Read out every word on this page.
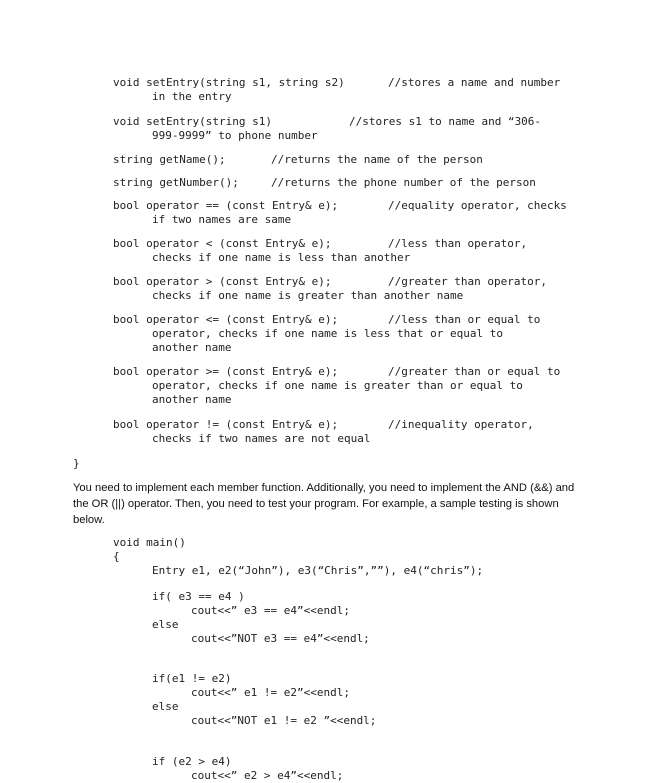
void setEntry(string s1, string s2)	//stores a name and number
in the entry
void setEntry(string s1)	//stores s1 to name and “306-
999-9999” to phone number
string getName();	//returns the name of the person
string getNumber();	//returns the phone number of the person
bool operator == (const Entry& e);	//equality operator, checks
if two names are same
bool operator < (const Entry& e);	//less than operator,
checks if one name is less than another
bool operator > (const Entry& e);	//greater than operator,
checks if one name is greater than another name
bool operator <= (const Entry& e);	//less than or equal to
operator, checks if one name is less that or equal to
another name
bool operator >= (const Entry& e);	//greater than or equal to
operator, checks if one name is greater than or equal to
another name
bool operator != (const Entry& e);	//inequality operator,
checks if two names are not equal
}
You need to implement each member function. Additionally, you need to implement the AND (&&) and
the OR (||) operator. Then, you need to test your program. For example, a sample testing is shown
below.
void main()
{
Entry e1, e2(“John”), e3(“Chris”,””), e4(“chris”);
if( e3 == e4 )
cout<<” e3 == e4”<<endl;
else
cout<<”NOT e3 == e4”<<endl;
if(e1 != e2)
cout<<” e1 != e2”<<endl;
else
cout<<”NOT e1 != e2 ”<<endl;
if (e2 > e4)
cout<<” e2 > e4”<<endl;
